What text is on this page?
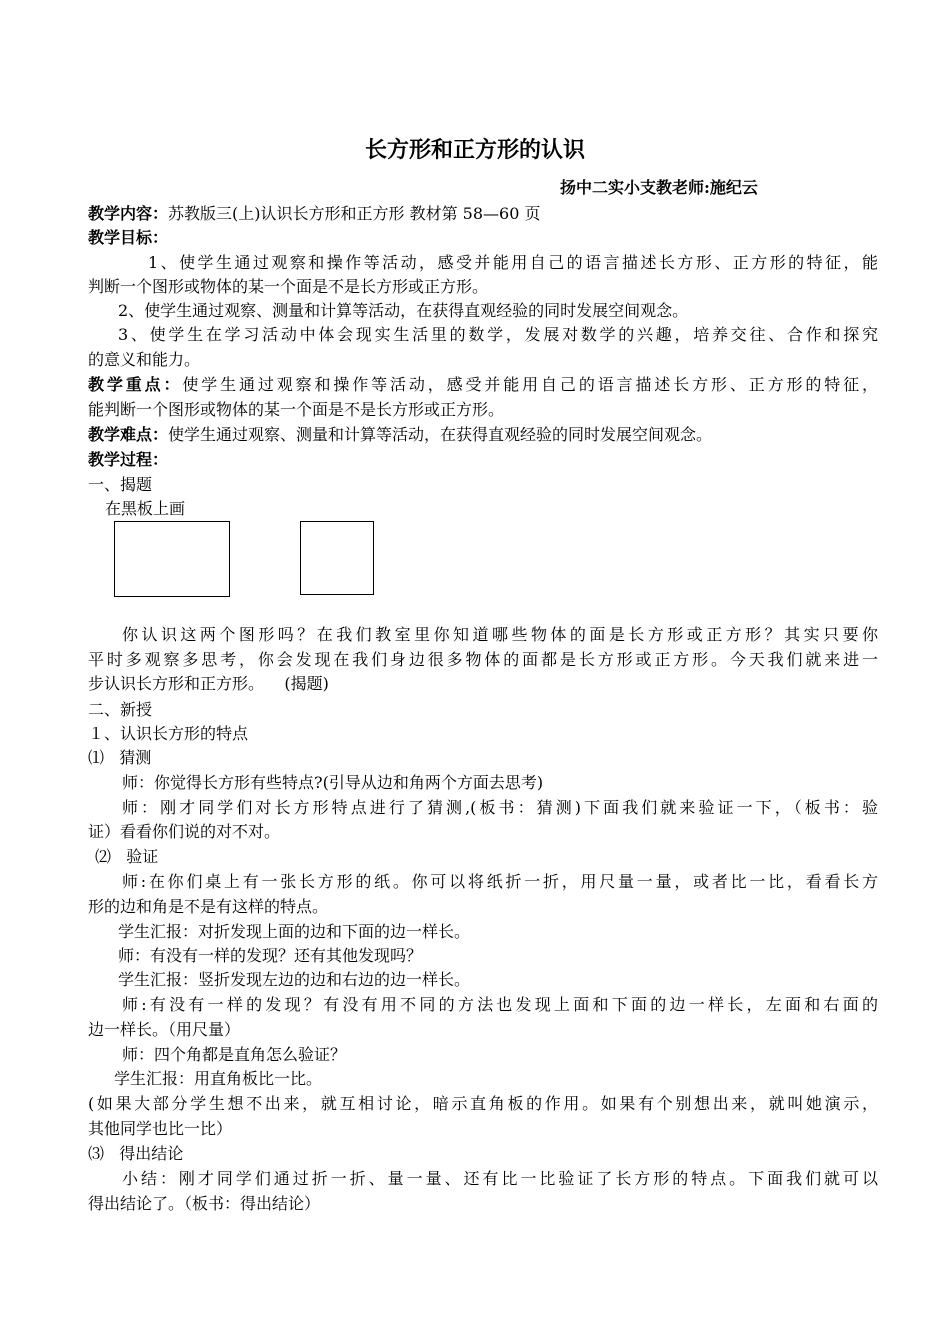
长方形和正方形的认识
扬中二实小支教老师:施纪云
教学内容：苏教版三(上)认识长方形和正方形 教材第 58—60 页
教学目标：
1、使学生通过观察和操作等活动，感受并能用自己的语言描述长方形、正方形的特征，能
判断一个图形或物体的某一个面是不是长方形或正方形。
2、使学生通过观察、测量和计算等活动，在获得直观经验的同时发展空间观念。
3、使学生在学习活动中体会现实生活里的数学，发展对数学的兴趣，培养交往、合作和探究
的意义和能力。
教学重点：使学生通过观察和操作等活动，感受并能用自己的语言描述长方形、正方形的特征，
能判断一个图形或物体的某一个面是不是长方形或正方形。
教学难点：使学生通过观察、测量和计算等活动，在获得直观经验的同时发展空间观念。
教学过程：
一、揭题
在黑板上画
你认识这两个图形吗？在我们教室里你知道哪些物体的面是长方形或正方形？其实只要你
平时多观察多思考，你会发现在我们身边很多物体的面都是长方形或正方形。今天我们就来进一
步认识长方形和正方形。    (揭题)
二、新授
１、认识长方形的特点
⑴   猜测
师：你觉得长方形有些特点?(引导从边和角两个方面去思考)
师：刚才同学们对长方形特点进行了猜测,(板书：猜测)下面我们就来验证一下，（板书：验
证）看看你们说的对不对。
⑵   验证
师:在你们桌上有一张长方形的纸。你可以将纸折一折，用尺量一量，或者比一比，看看长方
形的边和角是不是有这样的特点。
学生汇报：对折发现上面的边和下面的边一样长。
师：有没有一样的发现？还有其他发现吗？
学生汇报：竖折发现左边的边和右边的边一样长。
师:有没有一样的发现？有没有用不同的方法也发现上面和下面的边一样长，左面和右面的
边一样长。（用尺量）
师：四个角都是直角怎么验证？
学生汇报：用直角板比一比。
(如果大部分学生想不出来，就互相讨论，暗示直角板的作用。如果有个别想出来，就叫她演示，
其他同学也比一比）
⑶   得出结论
小结：刚才同学们通过折一折、量一量、还有比一比验证了长方形的特点。下面我们就可以
得出结论了。（板书：得出结论）
